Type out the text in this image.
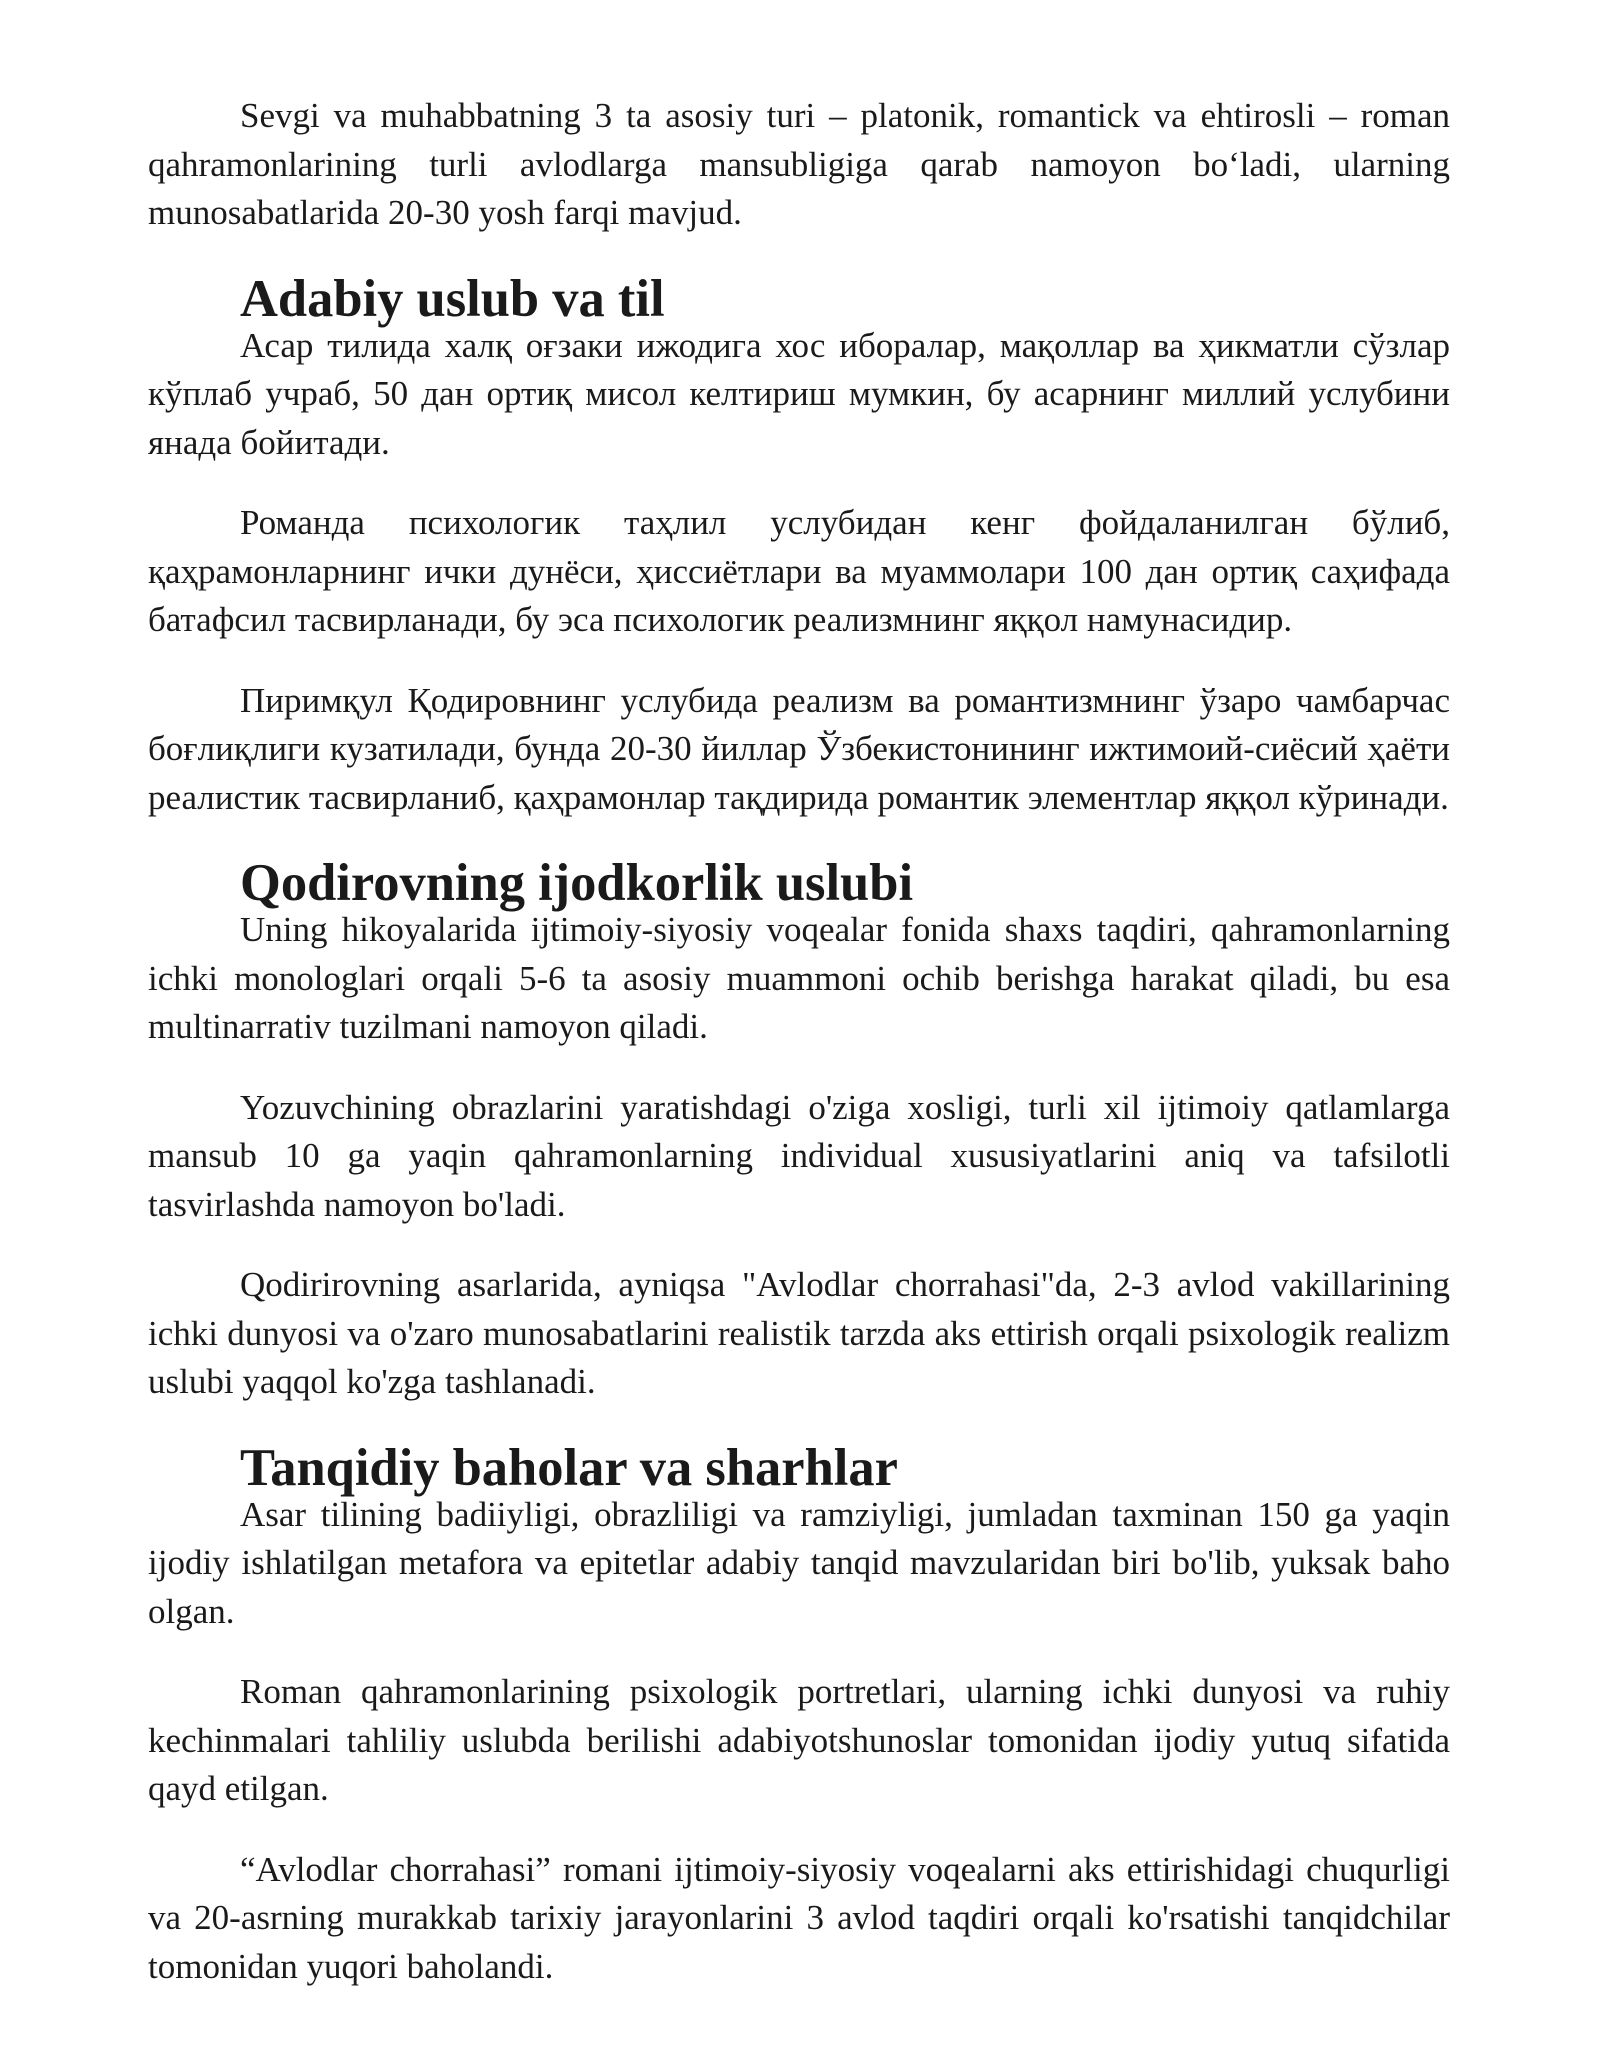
Sevgi va muhabbatning 3 ta asosiy turi – platonik, romantick va ehtirosli – roman qahramonlarining turli avlodlarga mansubligiga qarab namoyon boʻladi, ularning munosabatlarida 20-30 yosh farqi mavjud.

Adabiy uslub va til

Асар тилида халқ оғзаки ижодига хос иборалар, мақоллар ва ҳикматли сўзлар кўплаб учраб, 50 дан ортиқ мисол келтириш мумкин, бу асарнинг миллий услубини янада бойитади.

Романда психологик таҳлил услубидан кенг фойдаланилган бўлиб, қаҳрамонларнинг ички дунёси, ҳиссиётлари ва муаммолари 100 дан ортиқ саҳифада батафсил тасвирланади, бу эса психологик реализмнинг яққол намунасидир.

Пиримқул Қодировнинг услубида реализм ва романтизмнинг ўзаро чамбарчас боғлиқлиги кузатилади, бунда 20-30 йиллар Ўзбекистонининг ижтимоий-сиёсий ҳаёти реалистик тасвирланиб, қаҳрамонлар тақдирида романтик элементлар яққол кўринади.

Qodirovning ijodkorlik uslubi

Uning hikoyalarida ijtimoiy-siyosiy voqealar fonida shaxs taqdiri, qahramonlarning ichki monologlari orqali 5-6 ta asosiy muammoni ochib berishga harakat qiladi, bu esa multinarrativ tuzilmani namoyon qiladi.

Yozuvchining obrazlarini yaratishdagi o'ziga xosligi, turli xil ijtimoiy qatlamlarga mansub 10 ga yaqin qahramonlarning individual xususiyatlarini aniq va tafsilotli tasvirlashda namoyon bo'ladi.

Qodirirovning asarlarida, ayniqsa "Avlodlar chorrahasi"da, 2-3 avlod vakillarining ichki dunyosi va o'zaro munosabatlarini realistik tarzda aks ettirish orqali psixologik realizm uslubi yaqqol ko'zga tashlanadi.

Tanqidiy baholar va sharhlar

Asar tilining badiiyligi, obrazliligi va ramziyligi, jumladan taxminan 150 ga yaqin ijodiy ishlatilgan metafora va epitetlar adabiy tanqid mavzularidan biri bo'lib, yuksak baho olgan.

Roman qahramonlarining psixologik portretlari, ularning ichki dunyosi va ruhiy kechinmalari tahliliy uslubda berilishi adabiyotshunoslar tomonidan ijodiy yutuq sifatida qayd etilgan.

“Avlodlar chorrahasi” romani ijtimoiy-siyosiy voqealarni aks ettirishidagi chuqurligi va 20-asrning murakkab tarixiy jarayonlarini 3 avlod taqdiri orqali ko'rsatishi tanqidchilar tomonidan yuqori baholandi.
